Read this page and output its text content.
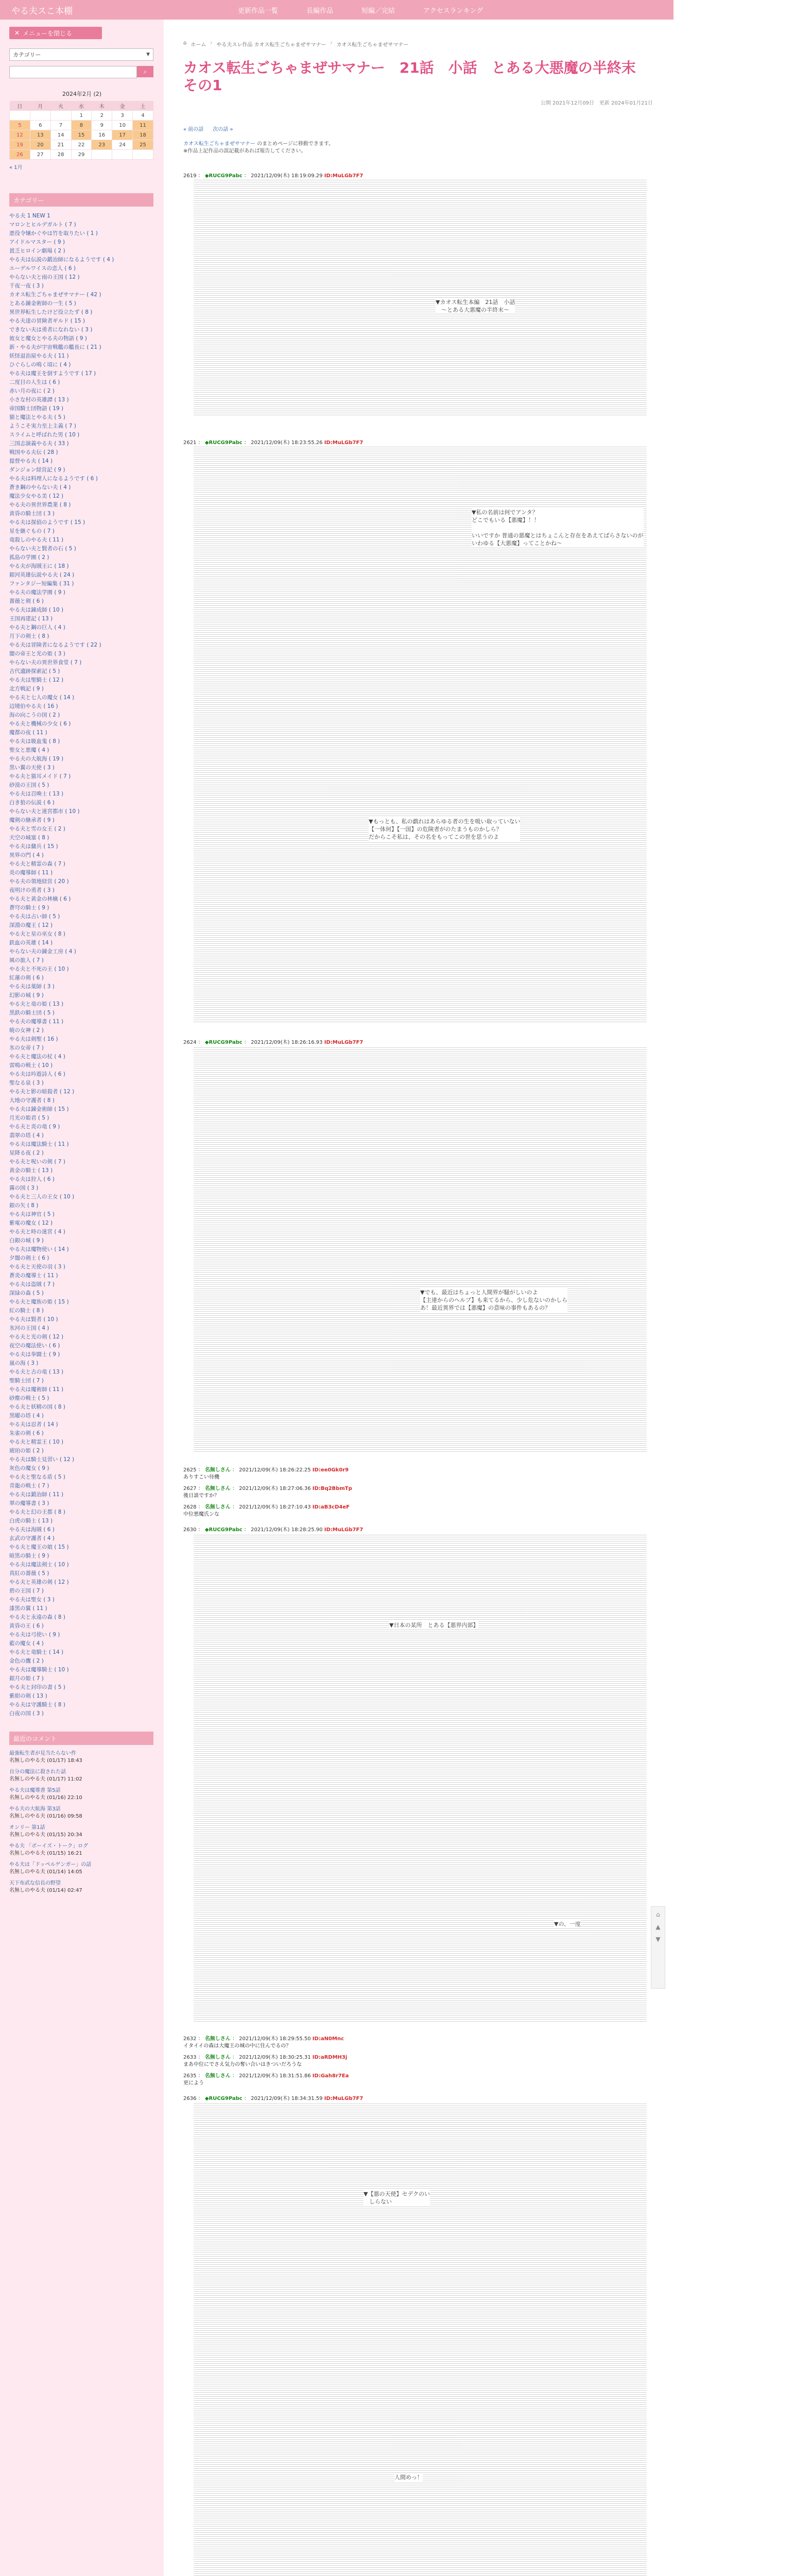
やる夫スこ本棚	更新作品一覧	長編作品	短編／完結	アクセスランキング
✕ メニューを閉じる
カテゴリー	▼
⌕
2024年2月 (2)
日	月	火	水	木	金	土
			1	2	3	4
5	6	7	8	9	10	11
12	13	14	15	16	17	18
19	20	21	22	23	24	25
26	27	28	29			
« 1月
カテゴリー
やる夫 1 NEW 1
マロンとヒルデガルト ( 7 )
悪役令嬢かぐやは竹を取りたい ( 1 )
アイドルマスター ( 9 )
貧乏ヒロイン劇場 ( 2 )
やる夫は伝説の鍛冶師になるようです ( 4 )
エーデルワイスの恋人 ( 6 )
やらない夫と雨の王国 ( 12 )
千夜一夜 ( 3 )
カオス転生ごちゃまぜサマナー ( 42 )
とある錬金術師の一生 ( 5 )
異世界転生したけど役立たず ( 8 )
やる夫達の冒険者ギルド ( 15 )
できない夫は勇者になれない ( 3 )
彼女と魔女とやる夫の物語 ( 9 )
新・やる夫が宇宙戦艦の艦長に ( 21 )
妖怪退治屋やる夫 ( 11 )
ひぐらしの鳴く頃に ( 4 )
やる夫は魔王を倒すようです ( 17 )
二度目の人生は ( 6 )
赤い月の夜に ( 2 )
小さな村の英雄譚 ( 13 )
帝国騎士団物語 ( 19 )
猫と魔法とやる夫 ( 5 )
ようこそ実力至上主義 ( 7 )
スライムと呼ばれた男 ( 10 )
三国志演義やる夫 ( 33 )
戦国やる夫伝 ( 28 )
提督やる夫 ( 14 )
ダンジョン経営記 ( 9 )
やる夫は料理人になるようです ( 6 )
蒼き鋼のやらない夫 ( 4 )
魔法少女やる美 ( 12 )
やる夫の異世界農業 ( 8 )
黄昏の騎士団 ( 3 )
やる夫は探偵のようです ( 15 )
星を継ぐもの ( 7 )
竜殺しのやる夫 ( 11 )
やらない夫と賢者の石 ( 5 )
孤島の学園 ( 2 )
やる夫が海賊王に ( 18 )
銀河英雄伝説やる夫 ( 24 )
ファンタジー短編集 ( 31 )
やる夫の魔法学園 ( 9 )
薔薇と剣 ( 6 )
やる夫は錬成師 ( 10 )
王国再建記 ( 13 )
やる夫と鋼の巨人 ( 4 )
月下の剣士 ( 8 )
やる夫は冒険者になるようです ( 22 )
闇の帝王と光の姫 ( 3 )
やらない夫の異世界食堂 ( 7 )
古代遺跡探索記 ( 5 )
やる夫は聖騎士 ( 12 )
北方戦記 ( 9 )
やる夫と七人の魔女 ( 14 )
辺境伯やる夫 ( 16 )
海の向こうの国 ( 2 )
やる夫と機械の少女 ( 6 )
魔都の夜 ( 11 )
やる夫は吸血鬼 ( 8 )
聖女と悪魔 ( 4 )
やる夫の大航海 ( 19 )
黒い翼の天使 ( 3 )
やる夫と猫耳メイド ( 7 )
砂漠の王国 ( 5 )
やる夫は召喚士 ( 13 )
白き狼の伝説 ( 6 )
やらない夫と迷宮都市 ( 10 )
魔剣の継承者 ( 9 )
やる夫と雪の女王 ( 2 )
天空の城塞 ( 8 )
やる夫は傭兵 ( 15 )
異界の門 ( 4 )
やる夫と精霊の森 ( 7 )
炎の魔導師 ( 11 )
やる夫の領地経営 ( 20 )
夜明けの勇者 ( 3 )
やる夫と黄金の林檎 ( 6 )
蒼穹の騎士 ( 9 )
やる夫は占い師 ( 5 )
深淵の魔王 ( 12 )
やる夫と星の巫女 ( 8 )
鉄血の英雄 ( 14 )
やらない夫の錬金工房 ( 4 )
風の旅人 ( 7 )
やる夫と不死の王 ( 10 )
紅蓮の剣 ( 6 )
やる夫は薬師 ( 3 )
幻影の城 ( 9 )
やる夫と竜の姫 ( 13 )
黒鉄の騎士団 ( 5 )
やる夫の魔導書 ( 11 )
暁の女神 ( 2 )
やる夫は剣聖 ( 16 )
氷の女帝 ( 7 )
やる夫と魔法の杖 ( 4 )
雷鳴の戦士 ( 10 )
やる夫は吟遊詩人 ( 6 )
聖なる泉 ( 3 )
やる夫と影の暗殺者 ( 12 )
大地の守護者 ( 8 )
やる夫は錬金術師 ( 15 )
月光の姫君 ( 5 )
やる夫と炎の竜 ( 9 )
翡翠の塔 ( 4 )
やる夫は魔法騎士 ( 11 )
星降る夜 ( 2 )
やる夫と呪いの剣 ( 7 )
黄金の騎士 ( 13 )
やる夫は狩人 ( 6 )
霧の国 ( 3 )
やる夫と三人の王女 ( 10 )
銀の矢 ( 8 )
やる夫は神官 ( 5 )
紫電の魔女 ( 12 )
やる夫と時の迷宮 ( 4 )
白銀の城 ( 9 )
やる夫は魔物使い ( 14 )
夕闇の剣士 ( 6 )
やる夫と天使の羽 ( 3 )
蒼炎の魔導士 ( 11 )
やる夫は盗賊 ( 7 )
深緑の森 ( 5 )
やる夫と魔族の姫 ( 15 )
紅の騎士 ( 8 )
やる夫は賢者 ( 10 )
氷河の王国 ( 4 )
やる夫と光の剣 ( 12 )
夜空の魔法使い ( 6 )
やる夫は拳闘士 ( 9 )
嵐の海 ( 3 )
やる夫と古の竜 ( 13 )
聖騎士団 ( 7 )
やる夫は魔術師 ( 11 )
砂塵の戦士 ( 5 )
やる夫と妖精の国 ( 8 )
黒曜の塔 ( 4 )
やる夫は忍者 ( 14 )
朱雀の剣 ( 6 )
やる夫と精霊王 ( 10 )
琥珀の姫 ( 2 )
やる夫は騎士見習い ( 12 )
灰色の魔女 ( 9 )
やる夫と聖なる盾 ( 5 )
青龍の戦士 ( 7 )
やる夫は鍛冶師 ( 11 )
翠の魔導書 ( 3 )
やる夫と幻の王都 ( 8 )
白虎の騎士 ( 13 )
やる夫は海賊 ( 6 )
玄武の守護者 ( 4 )
やる夫と魔王の娘 ( 15 )
暗黒の騎士 ( 9 )
やる夫は魔法剣士 ( 10 )
真紅の薔薇 ( 5 )
やる夫と英雄の剣 ( 12 )
碧の王国 ( 7 )
やる夫は聖女 ( 3 )
漆黒の翼 ( 11 )
やる夫と永遠の森 ( 8 )
黄昏の王 ( 6 )
やる夫は弓使い ( 9 )
藍の魔女 ( 4 )
やる夫と竜騎士 ( 14 )
金色の鷹 ( 2 )
やる夫は魔導騎士 ( 10 )
銀月の姫 ( 7 )
やる夫と封印の書 ( 5 )
紫紺の剣 ( 13 )
やる夫は守護騎士 ( 8 )
白夜の国 ( 3 )
最近のコメント
最強転生者が見当たらない件
名無しのやる夫 (01/17) 18:43
自分の魔法に殺された話
名無しのやる夫 (01/17) 11:02
やる夫は魔導書 第5話
名無しのやる夫 (01/16) 22:10
やる夫の大航海 第3話
名無しのやる夫 (01/16) 09:58
オンリー 第1話
名無しのやる夫 (01/15) 20:34
やる夫 「ボーイズ・トーク」ログ
名無しのやる夫 (01/15) 16:21
やる夫は「ドッペルゲンガー」の話
名無しのやる夫 (01/14) 14:05
天下布武な信長の野望
名無しのやる夫 (01/14) 02:47
⌂ ホーム › やる夫スレ作品 カオス転生ごちゃまぜサマナー › カオス転生ごちゃまぜサマナー
カオス転生ごちゃまぜサマナー　21話　小話　とある大悪魔の半終末　その1
公開 2021年12月09日　更新 2024年01月21日
« 前の話 次の話 »
カオス転生ごちゃまぜサマナー のまとめページに移動できます。
※作品上記作品の誤記載があれば報告してください。
2619 ： ◆RUCG9Pabc ： 2021/12/09(木) 18:19:09.29 ID:MuLGb7F7
▼カオス転生本編　21話　小話
　～とある大悪魔の半終末～
2621 ： ◆RUCG9Pabc ： 2021/12/09(木) 18:23:55.26 ID:MuLGb7F7
▼私の名前は何でアンタ？
どこでもいる【悪魔】！！

いいですか 普通の悪魔とはちょこんと存在をあえてばらさないのが
いわゆる【大悪魔】ってことかね～
▼もっとも、私の戯れはあらゆる者の生を吸い取っていない
【一体何】【一国】の危険者がのたまうものかしら？
だからこそ私は、その名をもってこの世を思うのよ
2624 ： ◆RUCG9Pabc ： 2021/12/09(木) 18:26:16.93 ID:MuLGb7F7
▼でも、最近はちょっと人間界が騒がしいのよ
【主達からのヘルプ】も来てるから、少し危ないのかしら
あ！最近異界では【悪魔】の意味の事件もあるの？
2625 ： 名無しさん ： 2021/12/09(木) 18:26:22.25 ID:ee0Gk0r9
ありすこい待機
2627 ： 名無しさん ： 2021/12/09(木) 18:27:06.36 ID:Bq2BbmTp
後日談ですか？
2628 ： 名無しさん ： 2021/12/09(木) 18:27:10.43 ID:aB3cD4eF
中位悪魔氏ンな
2630 ： ◆RUCG9Pabc ： 2021/12/09(木) 18:28:25.90 ID:MuLGb7F7
▼日本の某所　とある【悪界内部】
▼の、一度
2632 ： 名無しさん ： 2021/12/09(木) 18:29:55.50 ID:aN0Mnc
イタイイの森は大魔王の城の中に住んでるの？
2633 ： 名無しさん ： 2021/12/09(木) 18:30:25.31 ID:aRDMH3j
まあ中位にでさえ気力の奪い合いはきついだろうな
2635 ： 名無しさん ： 2021/12/09(木) 18:31:51.86 ID:Gah8r7Ea
更によう
2636 ： ◆RUCG9Pabc ： 2021/12/09(木) 18:34:31.59 ID:MuLGb7F7
▼【悪の天使】セデクのい
　しらない
人間めっ！
⌂
▲
▼
